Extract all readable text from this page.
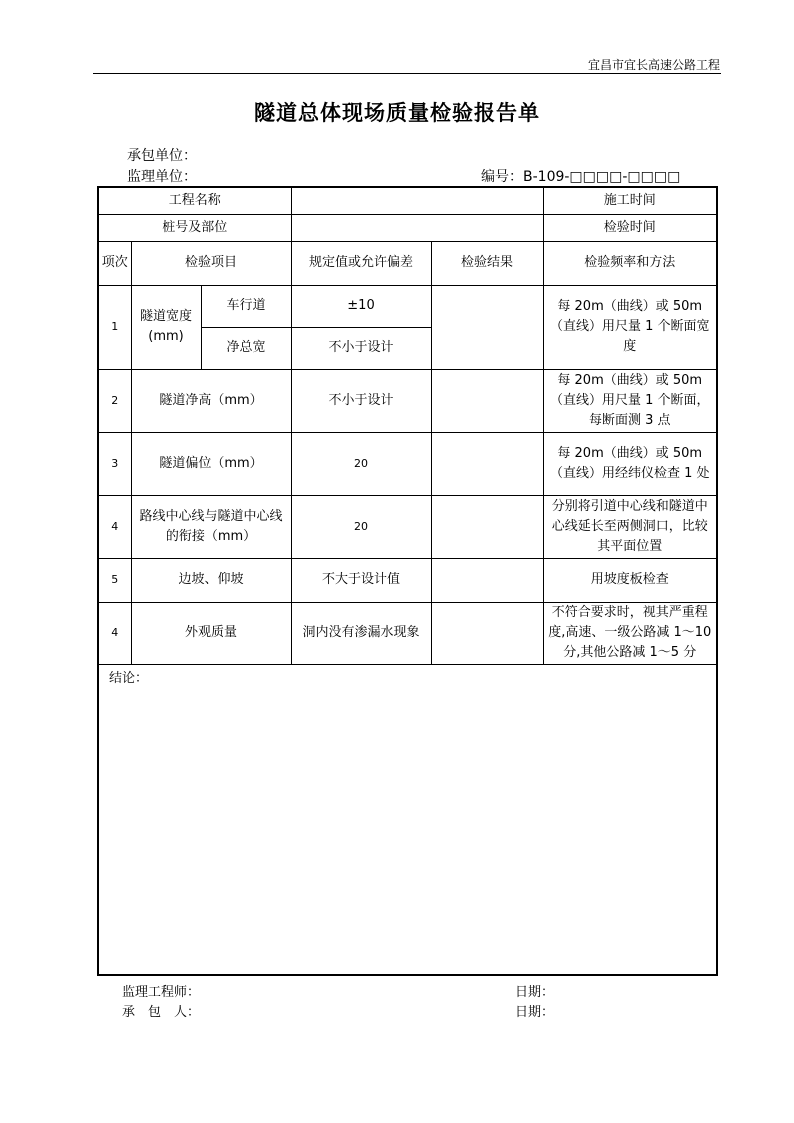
宜昌市宜长高速公路工程
隧道总体现场质量检验报告单
承包单位：
监理单位：	编号：B-109-□□□□-□□□□
工程名称					施工时间
桩号及部位					检验时间
项次	检验项目		规定值或允许偏差	检验结果	检验频率和方法
1	隧道宽度(mm)	车行道	±10		每 20m（曲线）或 50m（直线）用尺量 1 个断面宽度
		净总宽	不小于设计		
2	隧道净高（mm）		不小于设计		每 20m（曲线）或 50m（直线）用尺量 1 个断面，每断面测 3 点
3	隧道偏位（mm）		20		每 20m（曲线）或 50m（直线）用经纬仪检查 1 处
4	路线中心线与隧道中心线的衔接（mm）		20		分别将引道中心线和隧道中心线延长至两侧洞口，比较其平面位置
5	边坡、仰坡		不大于设计值		用坡度板检查
4	外观质量		洞内没有渗漏水现象		不符合要求时，视其严重程度,高速、一级公路减 1～10 分,其他公路减 1～5 分
结论：					
监理工程师：
承　包　人：
日期：
日期：
